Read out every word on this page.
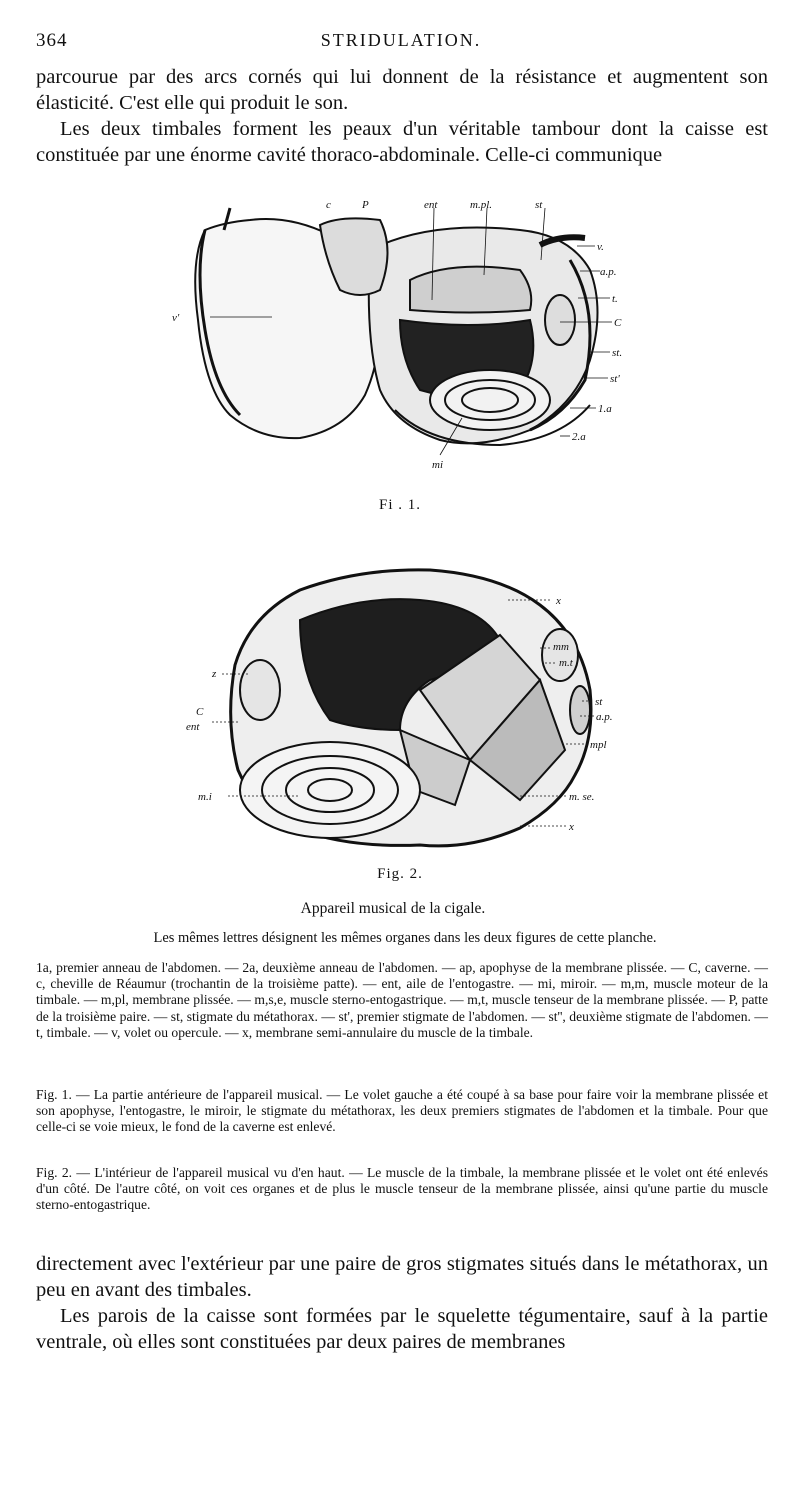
364	STRIDULATION.

parcourue par des arcs cornés qui lui donnent de la résistance et augmentent son élasticité. C'est elle qui produit le son.

Les deux timbales forment les peaux d'un véritable tambour dont la caisse est constituée par une énorme cavité thoraco-abdominale. Celle-ci communique

c	P	ent	m.pl.	st
v.
a.p.
t.
C
st.
st'
1.a
2.a
mi
v'
Fi . 1.
x
mm
m.t
z
C
ent
st
a.p.
mpl
m.i	m. se.
x
Fig. 2.
Appareil musical de la cigale.
Les mêmes lettres désignent les mêmes organes dans les deux figures de cette planche.

1a, premier anneau de l'abdomen. — 2a, deuxième anneau de l'abdomen. — ap, apophyse de la membrane plissée. — C, caverne. — c, cheville de Réaumur (trochantin de la troisième patte). — ent, aile de l'entogastre. — mi, miroir. — m,m, muscle moteur de la timbale. — m,pl, membrane plissée. — m,s,e, muscle sterno-entogastrique. — m,t, muscle tenseur de la membrane plissée. — P, patte de la troisième paire. — st, stigmate du métathorax. — st', premier stigmate de l'abdomen. — st'', deuxième stigmate de l'abdomen. — t, timbale. — v, volet ou opercule. — x, membrane semi-annulaire du muscle de la timbale.

Fig. 1. — La partie antérieure de l'appareil musical. — Le volet gauche a été coupé à sa base pour faire voir la membrane plissée et son apophyse, l'entogastre, le miroir, le stigmate du métathorax, les deux premiers stigmates de l'abdomen et la timbale. Pour que celle-ci se voie mieux, le fond de la caverne est enlevé.

Fig. 2. — L'intérieur de l'appareil musical vu d'en haut. — Le muscle de la timbale, la membrane plissée et le volet ont été enlevés d'un côté. De l'autre côté, on voit ces organes et de plus le muscle tenseur de la membrane plissée, ainsi qu'une partie du muscle sterno-entogastrique.

directement avec l'extérieur par une paire de gros stigmates situés dans le métathorax, un peu en avant des timbales.

Les parois de la caisse sont formées par le squelette tégumentaire, sauf à la partie ventrale, où elles sont constituées par deux paires de membranes
